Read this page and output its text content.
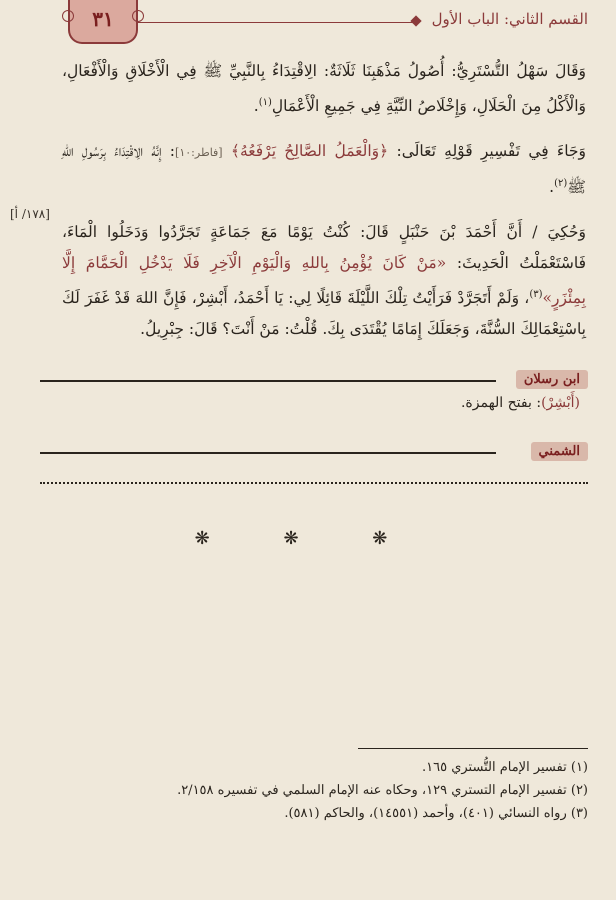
القسم الثاني: الباب الأول
٣١
[١٧٨/ أ]

وَقَالَ سَهْلُ التُّسْتَرِيُّ: أُصُولُ مَذْهَبِنَا ثَلَاثَةٌ: الِاقْتِدَاءُ بِالنَّبِيِّ ﷺ فِي الْأَخْلَاقِ وَالْأَفْعَالِ، وَالْأَكْلُ مِنَ الْحَلَالِ، وَإِخْلَاصُ النِّيَّةِ فِي جَمِيعِ الْأَعْمَالِ$^{(١)}$.

وَجَاءَ فِي تَفْسِيرِ قَوْلِهِ تَعَالَى: ﴿وَالْعَمَلُ الصَّالِحُ يَرْفَعُهُ﴾ [فاطر:١٠]: إِنَّهُ الِاقْتِدَاءُ بِرَسُولِ اللهِ ﷺ$^{(٢)}$.

وَحُكِيَ / أَنَّ أَحْمَدَ بْنَ حَنْبَلٍ قَالَ: كُنْتُ يَوْمًا مَعَ جَمَاعَةٍ تَجَرَّدُوا وَدَخَلُوا الْمَاءَ، فَاسْتَعْمَلْتُ الْحَدِيثَ: «مَنْ كَانَ يُؤْمِنُ بِاللهِ وَالْيَوْمِ الْآخِرِ فَلَا يَدْخُلِ الْحَمَّامَ إِلَّا بِمِئْزَرٍ»$^{(٣)}$، وَلَمْ أَتَجَرَّدْ فَرَأَيْتُ تِلْكَ اللَّيْلَةَ قَائِلًا لِي: يَا أَحْمَدُ، أَبْشِرْ، فَإِنَّ اللهَ قَدْ غَفَرَ لَكَ بِاسْتِعْمَالِكَ السُّنَّةَ، وَجَعَلَكَ إِمَامًا يُقْتَدَى بِكَ. قُلْتُ: مَنْ أَنْتَ؟ قَالَ: جِبْرِيلُ.

ابن رسلان
(أَبْشِرْ): بفتح الهمزة.
الشمني
❋ ❋ ❋
(١) تفسير الإمام التُّستري ١٦٥.
(٢) تفسير الإمام التستري ١٢٩، وحكاه عنه الإمام السلمي في تفسيره ٢/١٥٨.
(٣) رواه النسائي (٤٠١)، وأحمد (١٤٥٥١)، والحاكم (٥٨١).
